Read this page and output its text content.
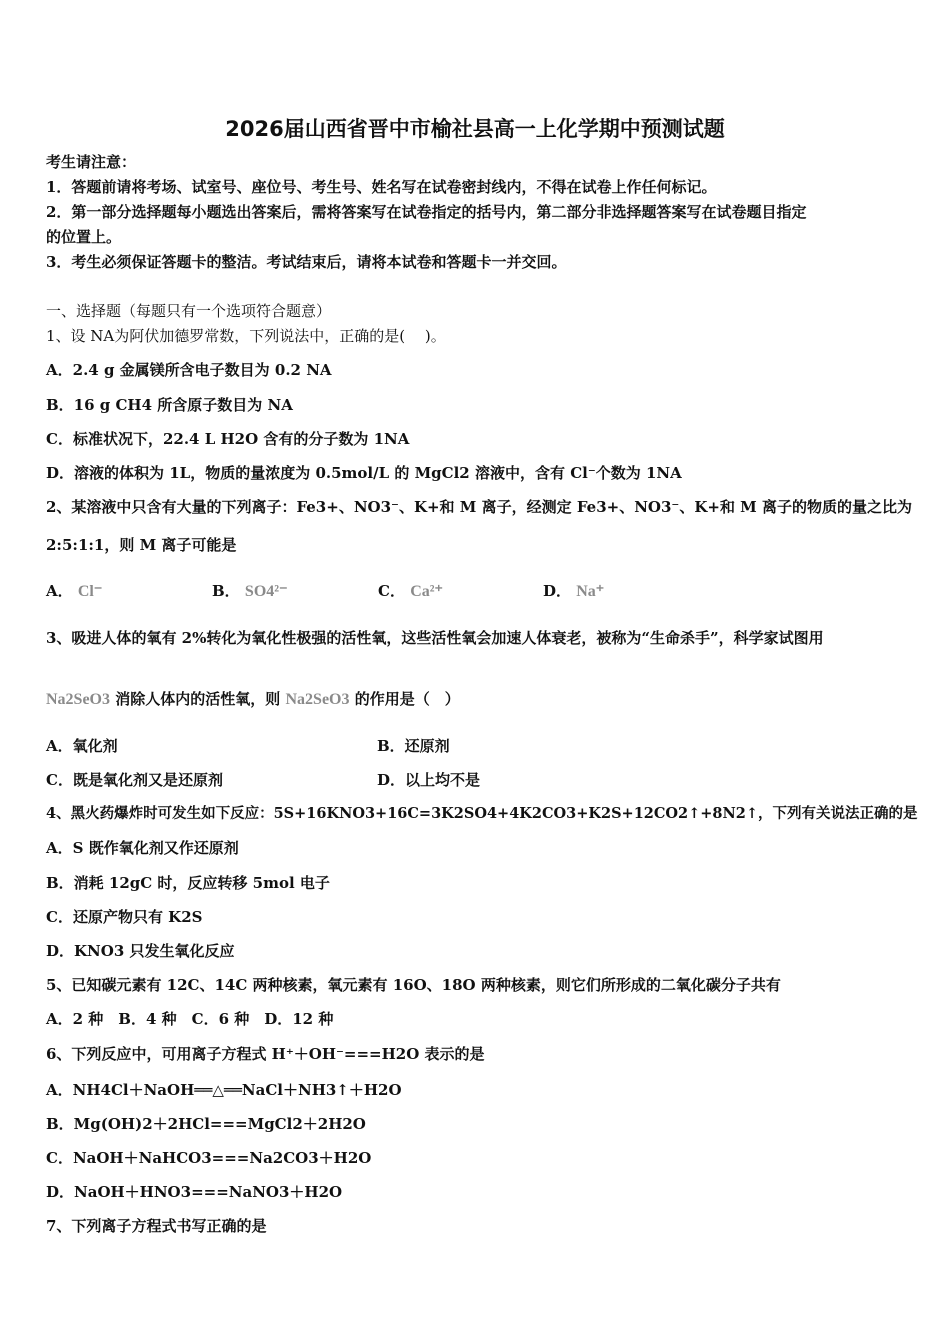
2026届山西省晋中市榆社县高一上化学期中预测试题
考生请注意：
1．答题前请将考场、试室号、座位号、考生号、姓名写在试卷密封线内，不得在试卷上作任何标记。
2．第一部分选择题每小题选出答案后，需将答案写在试卷指定的括号内，第二部分非选择题答案写在试卷题目指定
的位置上。
3．考生必须保证答题卡的整洁。考试结束后，请将本试卷和答题卡一并交回。
一、选择题（每题只有一个选项符合题意）
1、设 NA为阿伏加德罗常数，下列说法中，正确的是(　 )。
A．2.4 g 金属镁所含电子数目为 0.2 NA
B．16 g CH4 所含原子数目为 NA
C．标准状况下，22.4 L H2O 含有的分子数为 1NA
D．溶液的体积为 1L，物质的量浓度为 0.5mol/L 的 MgCl2 溶液中，含有 Cl⁻个数为 1NA
2、某溶液中只含有大量的下列离子：Fe3+、NO3⁻、K+和 M 离子，经测定 Fe3+、NO3⁻、K+和 M 离子的物质的量之比为
2:5:1:1，则 M 离子可能是
A． Cl⁻	B． SO4²⁻	C． Ca²⁺	D． Na⁺
3、吸进人体的氧有 2%转化为氧化性极强的活性氧，这些活性氧会加速人体衰老，被称为“生命杀手”，科学家试图用
Na2SeO3 消除人体内的活性氧，则 Na2SeO3 的作用是（　）
A．氧化剂	B．还原剂
C．既是氧化剂又是还原剂	D．以上均不是
4、黑火药爆炸时可发生如下反应：5S+16KNO3+16C=3K2SO4+4K2CO3+K2S+12CO2↑+8N2↑，下列有关说法正确的是
A．S 既作氧化剂又作还原剂
B．消耗 12gC 时，反应转移 5mol 电子
C．还原产物只有 K2S
D．KNO3 只发生氧化反应
5、已知碳元素有 12C、14C 两种核素，氧元素有 16O、18O 两种核素，则它们所形成的二氧化碳分子共有
A．2 种　B．4 种　C．6 种　D．12 种
6、下列反应中，可用离子方程式 H⁺＋OH⁻===H2O 表示的是
A．NH4Cl＋NaOH══△══NaCl＋NH3↑＋H2O
B．Mg(OH)2＋2HCl===MgCl2＋2H2O
C．NaOH＋NaHCO3===Na2CO3＋H2O
D．NaOH＋HNO3===NaNO3＋H2O
7、下列离子方程式书写正确的是
